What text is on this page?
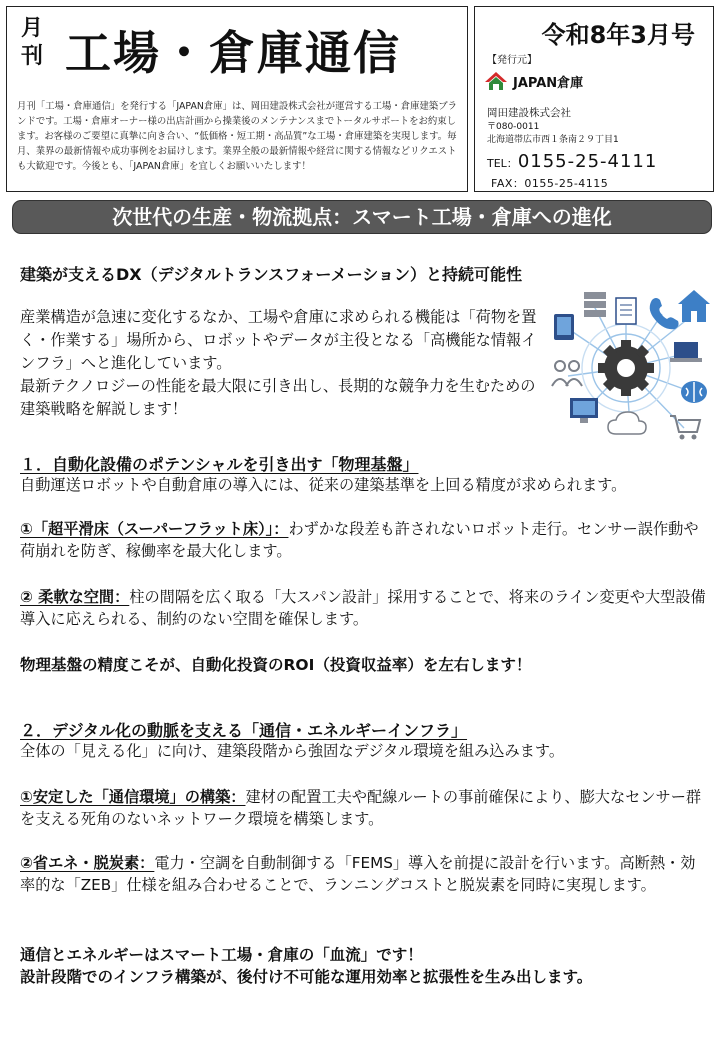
月刊 工場・倉庫通信
月刊「工場・倉庫通信」を発行する「JAPAN倉庫」は、岡田建設株式会社が運営する工場・倉庫建築ブランドです。工場・倉庫オーナー様の出店計画から操業後のメンテナンスまでトータルサポートをお約束します。お客様のご要望に真摯に向き合い、“低価格・短工期・高品質”な工場・倉庫建築を実現します。毎月、業界の最新情報や成功事例をお届けします。業界全般の最新情報や経営に関する情報などリクエストも大歓迎です。今後とも、「JAPAN倉庫」を宜しくお願いいたします！
令和8年3月号
【発行元】
JAPAN倉庫
岡田建設株式会社
〒080-0011
北海道帯広市西１条南２９丁目1
TEL：0155-25-4111
FAX：0155-25-4115
次世代の生産・物流拠点：スマート工場・倉庫への進化
建築が支えるDX（デジタルトランスフォーメーション）と持続可能性
産業構造が急速に変化するなか、工場や倉庫に求められる機能は「荷物を置く・作業する」場所から、ロボットやデータが主役となる「高機能な情報インフラ」へと進化しています。
最新テクノロジーの性能を最大限に引き出し、長期的な競争力を生むための建築戦略を解説します！
１．自動化設備のポテンシャルを引き出す「物理基盤」
自動運送ロボットや自動倉庫の導入には、従来の建築基準を上回る精度が求められます。
①「超平滑床（スーパーフラット床）」：わずかな段差も許されないロボット走行。センサー誤作動や荷崩れを防ぎ、稼働率を最大化します。
② 柔軟な空間：柱の間隔を広く取る「大スパン設計」採用することで、将来のライン変更や大型設備導入に応えられる、制約のない空間を確保します。
物理基盤の精度こそが、自動化投資のROI（投資収益率）を左右します！
２．デジタル化の動脈を支える「通信・エネルギーインフラ」
全体の「見える化」に向け、建築段階から強固なデジタル環境を組み込みます。
①安定した「通信環境」の構築：建材の配置工夫や配線ルートの事前確保により、膨大なセンサー群を支える死角のないネットワーク環境を構築します。
②省エネ・脱炭素：電力・空調を自動制御する「FEMS」導入を前提に設計を行います。高断熱・効率的な「ZEB」仕様を組み合わせることで、ランニングコストと脱炭素を同時に実現します。
通信とエネルギーはスマート工場・倉庫の「血流」です！
設計段階でのインフラ構築が、後付け不可能な運用効率と拡張性を生み出します。
